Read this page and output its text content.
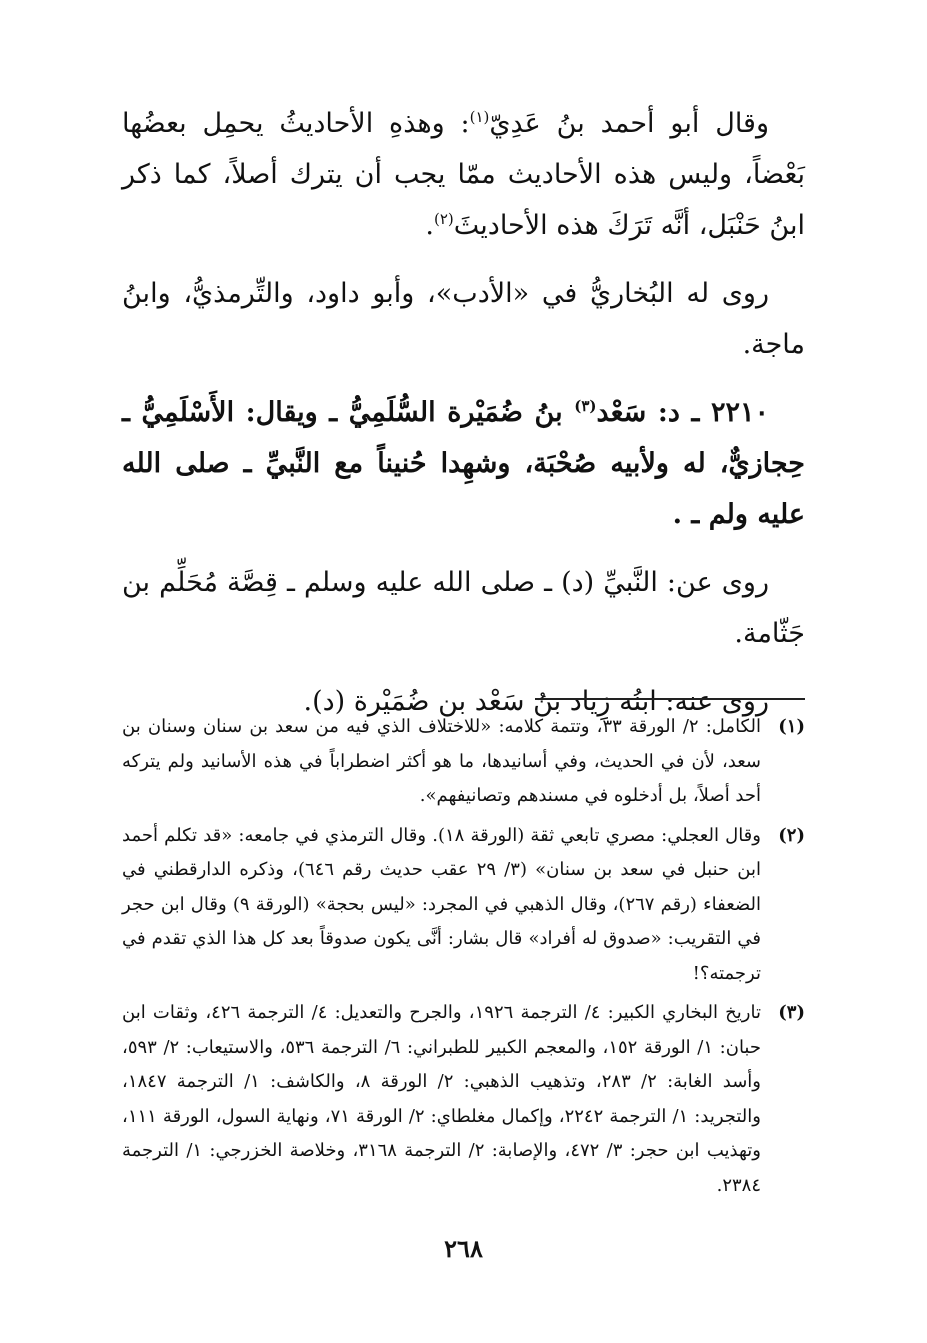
وقال أبو أحمد بنُ عَدِيّ$^{(١)}$: وهذهِ الأحاديثُ يحمِل بعضُها بَعْضاً، وليس هذه الأحاديث ممّا يجب أن يترك أصلاً، كما ذكر ابنُ حَنْبَل، أنَّه تَرَكَ هذه الأحاديثَ$^{(٢)}$.

روى له البُخاريُّ في «الأدب»، وأبو داود، والتِّرمذيُّ، وابنُ ماجة.

٢٢١٠ ـ د: سَعْد$^{(٣)}$ بنُ ضُمَيْرة السُّلَمِيُّ ـ ويقال: الأَسْلَمِيُّ ـ حِجازيٌّ، له ولأبيه صُحْبَة، وشهِدا حُنيناً مع النَّبيِّ ـ صلى الله عليه ولم ـ .

روى عن: النَّبيِّ (د) ـ صلى الله عليه وسلم ـ قِصَّة مُحَلِّم بن جَثّامة.

روى عنه: ابنُه زِياد بنُ سَعْد بن ضُمَيْرة (د).

(١)
الكامل: ٢/ الورقة ٣٣، وتتمة كلامه: «للاختلاف الذي فيه من سعد بن سنان وسنان بن سعد، لأن في الحديث، وفي أسانيدها، ما هو أكثر اضطراباً في هذه الأسانيد ولم يتركه أحد أصلاً، بل أدخلوه في مسندهم وتصانيفهم».
(٢)
وقال العجلي: مصري تابعي ثقة (الورقة ١٨). وقال الترمذي في جامعه: «قد تكلم أحمد ابن حنبل في سعد بن سنان» (٣/ ٢٩ عقب حديث رقم ٦٤٦)، وذكره الدارقطني في الضعفاء (رقم ٢٦٧)، وقال الذهبي في المجرد: «ليس بحجة» (الورقة ٩) وقال ابن حجر في التقريب: «صدوق له أفراد» قال بشار: أنَّى يكون صدوقاً بعد كل هذا الذي تقدم في ترجمته؟!
(٣)
تاريخ البخاري الكبير: ٤/ الترجمة ١٩٢٦، والجرح والتعديل: ٤/ الترجمة ٤٢٦، وثقات ابن حبان: ١/ الورقة ١٥٢، والمعجم الكبير للطبراني: ٦/ الترجمة ٥٣٦، والاستيعاب: ٢/ ٥٩٣، وأسد الغابة: ٢/ ٢٨٣، وتذهيب الذهبي: ٢/ الورقة ٨، والكاشف: ١/ الترجمة ١٨٤٧، والتجريد: ١/ الترجمة ٢٢٤٢، وإكمال مغلطاي: ٢/ الورقة ٧١، ونهاية السول، الورقة ١١١، وتهذيب ابن حجر: ٣/ ٤٧٢، والإصابة: ٢/ الترجمة ٣١٦٨، وخلاصة الخزرجي: ١/ الترجمة ٢٣٨٤.
٢٦٨
